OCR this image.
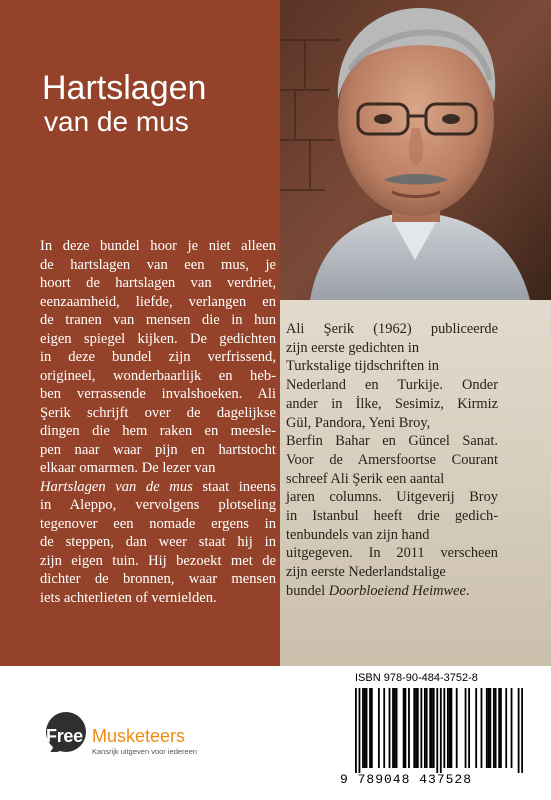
Hartslagen
van de mus
In deze bundel hoor je niet alleen
de hartslagen van een mus, je
hoort de hartslagen van verdriet,
eenzaamheid, liefde, verlangen en
de tranen van mensen die in hun
eigen spiegel kijken. De gedichten
in deze bundel zijn verfrissend,
origineel, wonderbaarlijk en heb-
ben verrassende invalshoeken. Ali
Şerik schrijft over de dagelijkse
dingen die hem raken en meesle-
pen naar waar pijn en hartstocht
elkaar omarmen. De lezer van
Hartslagen van de mus staat ineens
in Aleppo, vervolgens plotseling
tegenover een nomade ergens in
de steppen, dan weer staat hij in
zijn eigen tuin. Hij bezoekt met de
dichter de bronnen, waar mensen
iets achterlieten of vernielden.
Ali Şerik (1962) publiceerde
zijn eerste gedichten in
Turkstalige tijdschriften in
Nederland en Turkije. Onder
ander in İlke, Sesimiz, Kirmiz
Gül, Pandora, Yeni Broy,
Berfin Bahar en Güncel Sanat.
Voor de Amersfoortse Courant
schreef Ali Şerik een aantal
jaren columns. Uitgeverij Broy
in Istanbul heeft drie gedich-
tenbundels van zijn hand
uitgegeven. In 2011 verscheen
zijn eerste Nederlandstalige
bundel Doorbloeiend Heimwee.
Free Musketeers
Kansrijk uitgeven voor iedereen
ISBN 978-90-484-3752-8
9 789048 437528
